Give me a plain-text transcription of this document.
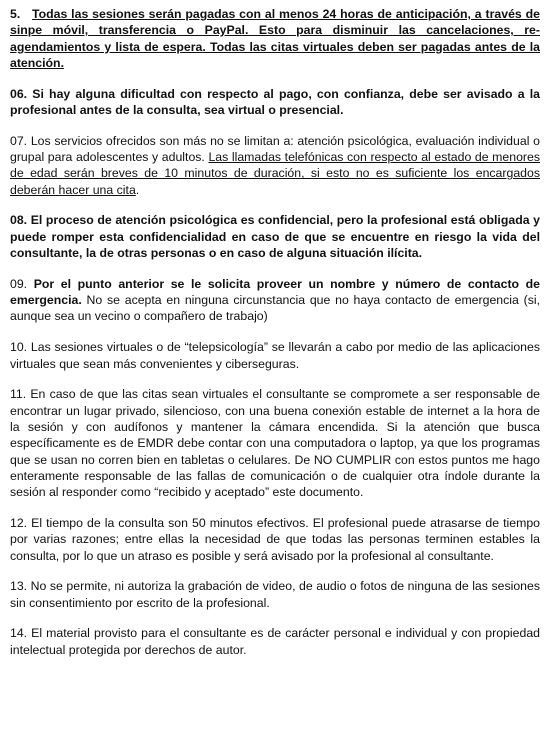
5. Todas las sesiones serán pagadas con al menos 24 horas de anticipación, a través de sinpe móvil, transferencia o PayPal. Esto para disminuir las cancelaciones, re-agendamientos y lista de espera. Todas las citas virtuales deben ser pagadas antes de la atención.

06. Si hay alguna dificultad con respecto al pago, con confianza, debe ser avisado a la profesional antes de la consulta, sea virtual o presencial.

07. Los servicios ofrecidos son más no se limitan a: atención psicológica, evaluación individual o grupal para adolescentes y adultos. Las llamadas telefónicas con respecto al estado de menores de edad serán breves de 10 minutos de duración, si esto no es suficiente los encargados deberán hacer una cita.

08. El proceso de atención psicológica es confidencial, pero la profesional está obligada y puede romper esta confidencialidad en caso de que se encuentre en riesgo la vida del consultante, la de otras personas o en caso de alguna situación ilícita.

09. Por el punto anterior se le solicita proveer un nombre y número de contacto de emergencia. No se acepta en ninguna circunstancia que no haya contacto de emergencia (si, aunque sea un vecino o compañero de trabajo)

10. Las sesiones virtuales o de “telepsicología” se llevarán a cabo por medio de las aplicaciones virtuales que sean más convenientes y ciberseguras.

11. En caso de que las citas sean virtuales el consultante se compromete a ser responsable de encontrar un lugar privado, silencioso, con una buena conexión estable de internet a la hora de la sesión y con audífonos y mantener la cámara encendida. Si la atención que busca específicamente es de EMDR debe contar con una computadora o laptop, ya que los programas que se usan no corren bien en tabletas o celulares. De NO CUMPLIR con estos puntos me hago enteramente responsable de las fallas de comunicación o de cualquier otra índole durante la sesión al responder como “recibido y aceptado” este documento.

12. El tiempo de la consulta son 50 minutos efectivos. El profesional puede atrasarse de tiempo por varias razones; entre ellas la necesidad de que todas las personas terminen estables la consulta, por lo que un atraso es posible y será avisado por la profesional al consultante.

13. No se permite, ni autoriza la grabación de video, de audio o fotos de ninguna de las sesiones sin consentimiento por escrito de la profesional.

14. El material provisto para el consultante es de carácter personal e individual y con propiedad intelectual protegida por derechos de autor.
